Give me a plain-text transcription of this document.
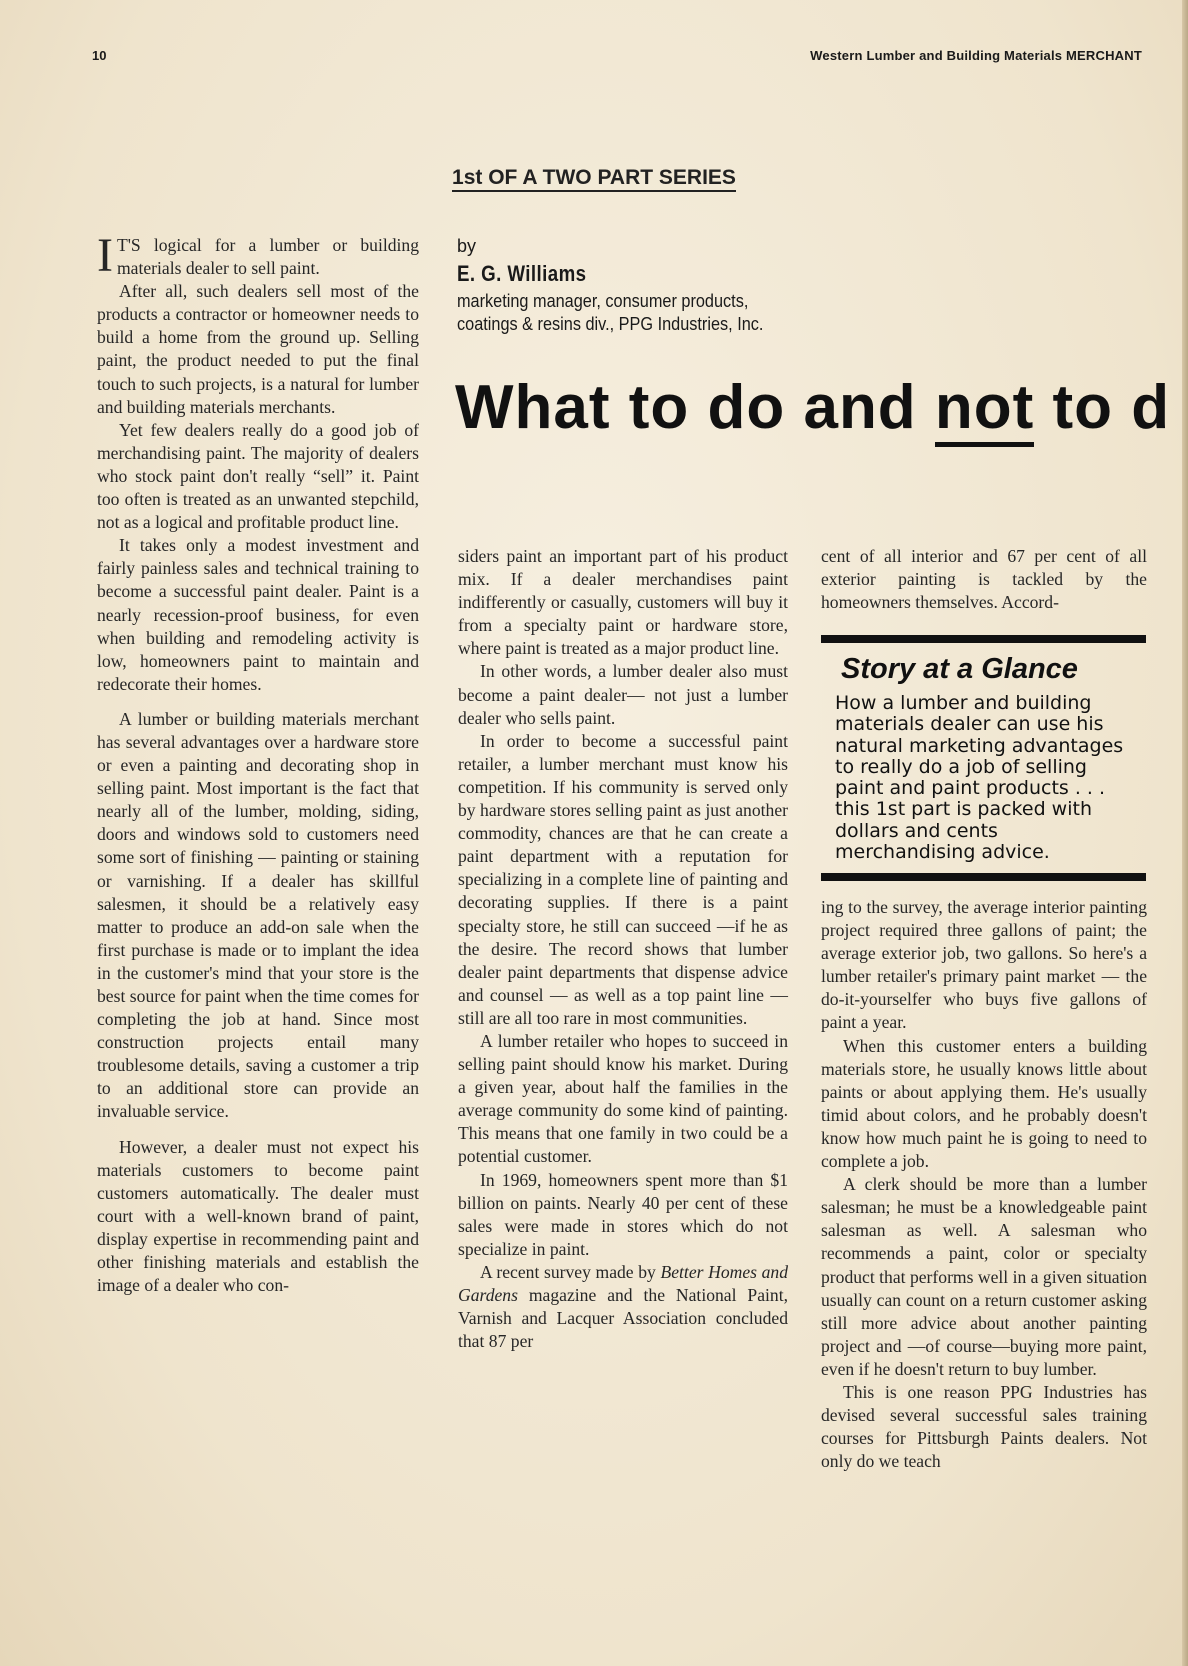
10	Western Lumber and Building Materials MERCHANT
1st OF A TWO PART SERIES
by
E. G. Williams
marketing manager, consumer products,
coatings & resins div., PPG Industries, Inc.
What to do and not to d

I T'S logical for a lumber or building materials dealer to sell paint.

After all, such dealers sell most of the products a contractor or homeowner needs to build a home from the ground up. Selling paint, the product needed to put the final touch to such projects, is a natural for lumber and building materials merchants.

Yet few dealers really do a good job of merchandising paint. The majority of dealers who stock paint don't really “sell” it. Paint too often is treated as an unwanted stepchild, not as a logical and profitable product line.

It takes only a modest investment and fairly painless sales and technical training to become a successful paint dealer. Paint is a nearly recession-proof business, for even when building and remodeling activity is low, homeowners paint to maintain and redecorate their homes.

A lumber or building materials merchant has several advantages over a hardware store or even a painting and decorating shop in selling paint. Most important is the fact that nearly all of the lumber, molding, siding, doors and windows sold to customers need some sort of finishing — painting or staining or varnishing. If a dealer has skillful salesmen, it should be a relatively easy matter to produce an add-on sale when the first purchase is made or to implant the idea in the customer's mind that your store is the best source for paint when the time comes for completing the job at hand. Since most construction projects entail many troublesome details, saving a customer a trip to an additional store can provide an invaluable service.

However, a dealer must not expect his materials customers to become paint customers automatically. The dealer must court with a well-known brand of paint, display expertise in recommending paint and other finishing materials and establish the image of a dealer who con-

siders paint an important part of his product mix. If a dealer merchandises paint indifferently or casually, customers will buy it from a specialty paint or hardware store, where paint is treated as a major product line.

In other words, a lumber dealer also must become a paint dealer— not just a lumber dealer who sells paint.

In order to become a successful paint retailer, a lumber merchant must know his competition. If his community is served only by hardware stores selling paint as just another commodity, chances are that he can create a paint department with a reputation for specializing in a complete line of painting and decorating supplies. If there is a paint specialty store, he still can succeed —if he as the desire. The record shows that lumber dealer paint departments that dispense advice and counsel — as well as a top paint line — still are all too rare in most communities.

A lumber retailer who hopes to succeed in selling paint should know his market. During a given year, about half the families in the average community do some kind of painting. This means that one family in two could be a potential customer.

In 1969, homeowners spent more than $1 billion on paints. Nearly 40 per cent of these sales were made in stores which do not specialize in paint.

A recent survey made by Better Homes and Gardens magazine and the National Paint, Varnish and Lacquer Association concluded that 87 per

cent of all interior and 67 per cent of all exterior painting is tackled by the homeowners themselves. Accord-

Story at a Glance
How a lumber and building materials dealer can use his natural marketing advantages to really do a job of selling paint and paint products . . . this 1st part is packed with dollars and cents merchandising advice.

ing to the survey, the average interior painting project required three gallons of paint; the average exterior job, two gallons. So here's a lumber retailer's primary paint market — the do-it-yourselfer who buys five gallons of paint a year.

When this customer enters a building materials store, he usually knows little about paints or about applying them. He's usually timid about colors, and he probably doesn't know how much paint he is going to need to complete a job.

A clerk should be more than a lumber salesman; he must be a knowledgeable paint salesman as well. A salesman who recommends a paint, color or specialty product that performs well in a given situation usually can count on a return customer asking still more advice about another painting project and —of course—buying more paint, even if he doesn't return to buy lumber.

This is one reason PPG Industries has devised several successful sales training courses for Pittsburgh Paints dealers. Not only do we teach
